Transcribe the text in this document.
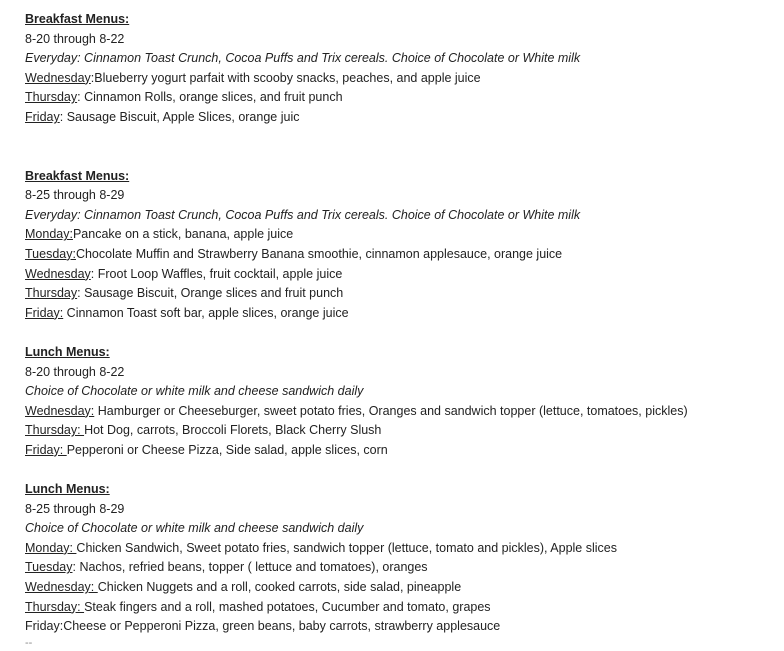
Breakfast Menus:
8-20 through 8-22
Everyday: Cinnamon Toast Crunch, Cocoa Puffs and Trix cereals. Choice of Chocolate or White milk
Wednesday:Blueberry yogurt parfait with scooby snacks, peaches, and apple juice
Thursday: Cinnamon Rolls, orange slices, and fruit punch
Friday: Sausage Biscuit, Apple Slices, orange juic
Breakfast Menus:
8-25 through 8-29
Everyday: Cinnamon Toast Crunch, Cocoa Puffs and Trix cereals. Choice of Chocolate or White milk
Monday:Pancake on a stick, banana, apple juice
Tuesday:Chocolate Muffin and Strawberry Banana smoothie, cinnamon applesauce, orange juice
Wednesday: Froot Loop Waffles, fruit cocktail, apple juice
Thursday: Sausage Biscuit, Orange slices and fruit punch
Friday: Cinnamon Toast soft bar, apple slices, orange juice
Lunch Menus:
8-20 through 8-22
Choice of Chocolate or white milk and cheese sandwich daily
Wednesday: Hamburger or Cheeseburger, sweet potato fries, Oranges and sandwich topper (lettuce, tomatoes, pickles)
Thursday: Hot Dog, carrots, Broccoli Florets, Black Cherry Slush
Friday: Pepperoni or Cheese Pizza, Side salad, apple slices, corn
Lunch Menus:
8-25 through 8-29
Choice of Chocolate or white milk and cheese sandwich daily
Monday: Chicken Sandwich, Sweet potato fries, sandwich topper (lettuce, tomato and pickles), Apple slices
Tuesday: Nachos, refried beans, topper ( lettuce and tomatoes), oranges
Wednesday: Chicken Nuggets and a roll, cooked carrots, side salad, pineapple
Thursday: Steak fingers and a roll, mashed potatoes, Cucumber and tomato, grapes
Friday:Cheese or Pepperoni Pizza, green beans, baby carrots, strawberry applesauce
--
